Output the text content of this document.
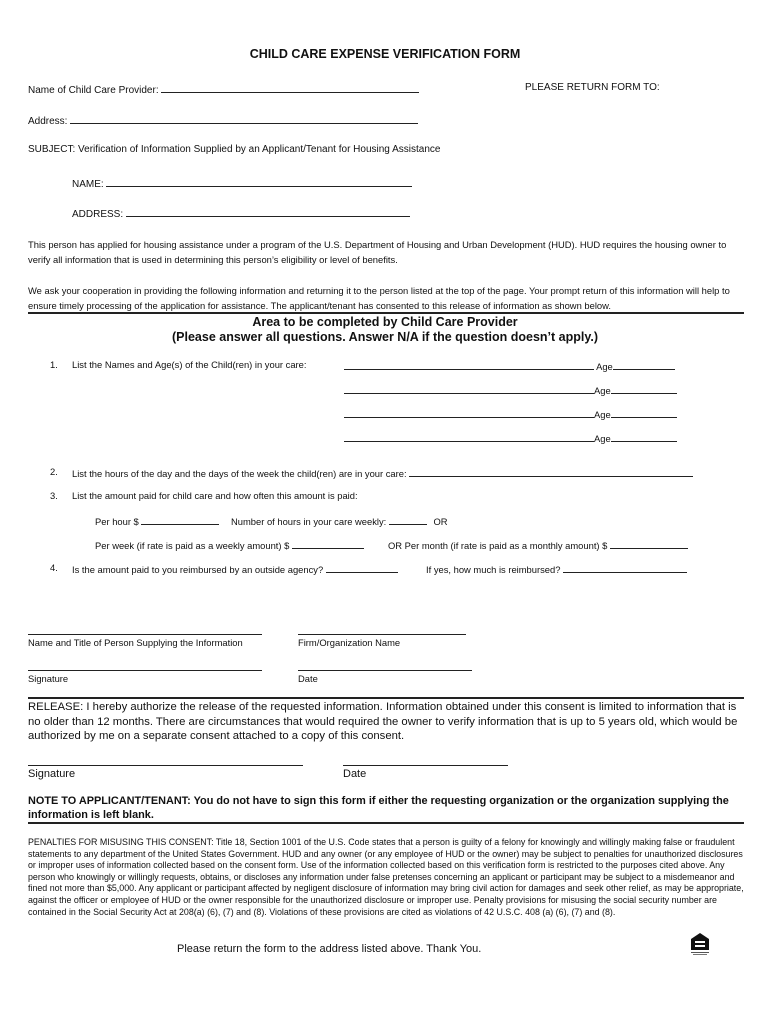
CHILD CARE EXPENSE VERIFICATION FORM
Name of Child Care Provider:	PLEASE RETURN FORM TO:
Address:
SUBJECT: Verification of Information Supplied by an Applicant/Tenant for Housing Assistance
NAME:
ADDRESS:
This person has applied for housing assistance under a program of the U.S. Department of Housing and Urban Development (HUD). HUD requires the housing owner to verify all information that is used in determining this person’s eligibility or level of benefits.
We ask your cooperation in providing the following information and returning it to the person listed at the top of the page. Your prompt return of this information will help to ensure timely processing of the application for assistance. The applicant/tenant has consented to this release of information as shown below.
Area to be completed by Child Care Provider
(Please answer all questions. Answer N/A if the question doesn’t apply.)
1. List the Names and Age(s) of the Child(ren) in your care:	Age
Age
Age
Age
2. List the hours of the day and the days of the week the child(ren) are in your care:
3. List the amount paid for child care and how often this amount is paid:
Per hour $	Number of hours in your care weekly:	OR
Per week (if rate is paid as a weekly amount) $	OR Per month (if rate is paid as a monthly amount) $
4. Is the amount paid to you reimbursed by an outside agency?	If yes, how much is reimbursed?
Name and Title of Person Supplying the Information	Firm/Organization Name
Signature	Date
RELEASE: I hereby authorize the release of the requested information. Information obtained under this consent is limited to information that is no older than 12 months. There are circumstances that would required the owner to verify information that is up to 5 years old, which would be authorized by me on a separate consent attached to a copy of this consent.
Signature	Date
NOTE TO APPLICANT/TENANT: You do not have to sign this form if either the requesting organization or the organization supplying the information is left blank.
PENALTIES FOR MISUSING THIS CONSENT: Title 18, Section 1001 of the U.S. Code states that a person is guilty of a felony for knowingly and willingly making false or fraudulent statements to any department of the United States Government. HUD and any owner (or any employee of HUD or the owner) may be subject to penalties for unauthorized disclosures or improper uses of information collected based on the consent form. Use of the information collected based on this verification form is restricted to the purposes cited above. Any person who knowingly or willingly requests, obtains, or discloses any information under false pretenses concerning an applicant or participant may be subject to a misdemeanor and fined not more than $5,000. Any applicant or participant affected by negligent disclosure of information may bring civil action for damages and seek other relief, as may be appropriate, against the officer or employee of HUD or the owner responsible for the unauthorized disclosure or improper use. Penalty provisions for misusing the social security number are contained in the Social Security Act at 208(a) (6), (7) and (8). Violations of these provisions are cited as violations of 42 U.S.C. 408 (a) (6), (7) and (8).
Please return the form to the address listed above. Thank You.
